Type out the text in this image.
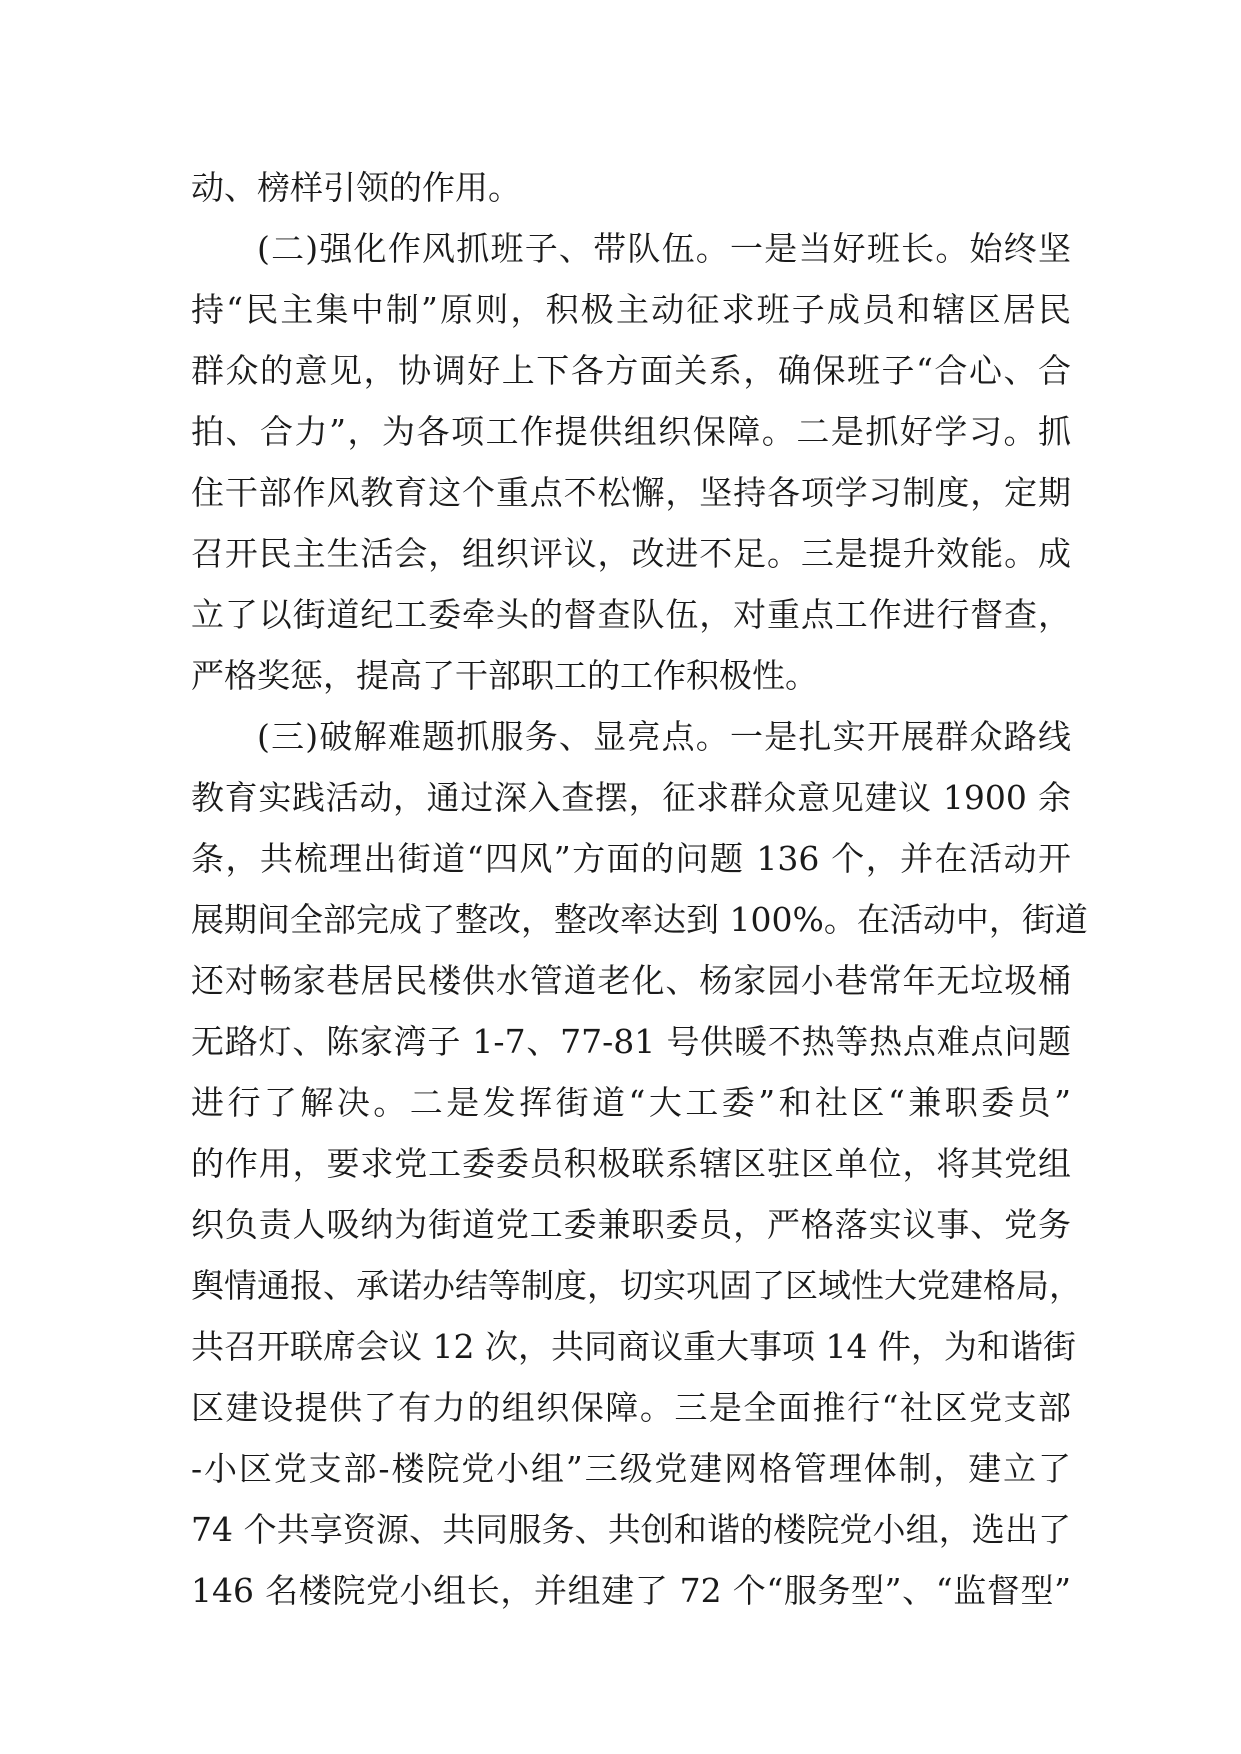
动、榜样引领的作用。
(二)强化作风抓班子、带队伍。一是当好班长。始终坚
持“民主集中制”原则，积极主动征求班子成员和辖区居民
群众的意见，协调好上下各方面关系，确保班子“合心、合
拍、合力”，为各项工作提供组织保障。二是抓好学习。抓
住干部作风教育这个重点不松懈，坚持各项学习制度，定期
召开民主生活会，组织评议，改进不足。三是提升效能。成
立了以街道纪工委牵头的督查队伍，对重点工作进行督查，
严格奖惩，提高了干部职工的工作积极性。
(三)破解难题抓服务、显亮点。一是扎实开展群众路线
教育实践活动，通过深入查摆，征求群众意见建议 1900 余
条，共梳理出街道“四风”方面的问题 136 个，并在活动开
展期间全部完成了整改，整改率达到 100%。在活动中，街道
还对畅家巷居民楼供水管道老化、杨家园小巷常年无垃圾桶
无路灯、陈家湾子 1-7、77-81 号供暖不热等热点难点问题
进行了解决。二是发挥街道“大工委”和社区“兼职委员”
的作用，要求党工委委员积极联系辖区驻区单位，将其党组
织负责人吸纳为街道党工委兼职委员，严格落实议事、党务
舆情通报、承诺办结等制度，切实巩固了区域性大党建格局，
共召开联席会议 12 次，共同商议重大事项 14 件，为和谐街
区建设提供了有力的组织保障。三是全面推行“社区党支部
-小区党支部-楼院党小组”三级党建网格管理体制，建立了
74 个共享资源、共同服务、共创和谐的楼院党小组，选出了
146 名楼院党小组长，并组建了 72 个“服务型”、“监督型”
